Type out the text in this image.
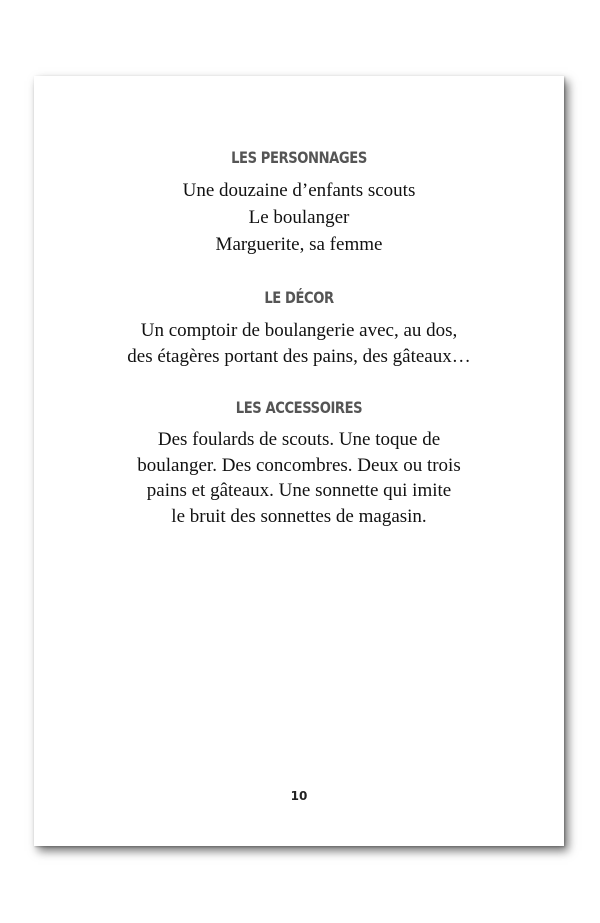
LES PERSONNAGES
Une douzaine d’enfants scouts
Le boulanger
Marguerite, sa femme
LE DÉCOR
Un comptoir de boulangerie avec, au dos,
des étagères portant des pains, des gâteaux…
LES ACCESSOIRES
Des foulards de scouts. Une toque de
boulanger. Des concombres. Deux ou trois
pains et gâteaux. Une sonnette qui imite
le bruit des sonnettes de magasin.
10
